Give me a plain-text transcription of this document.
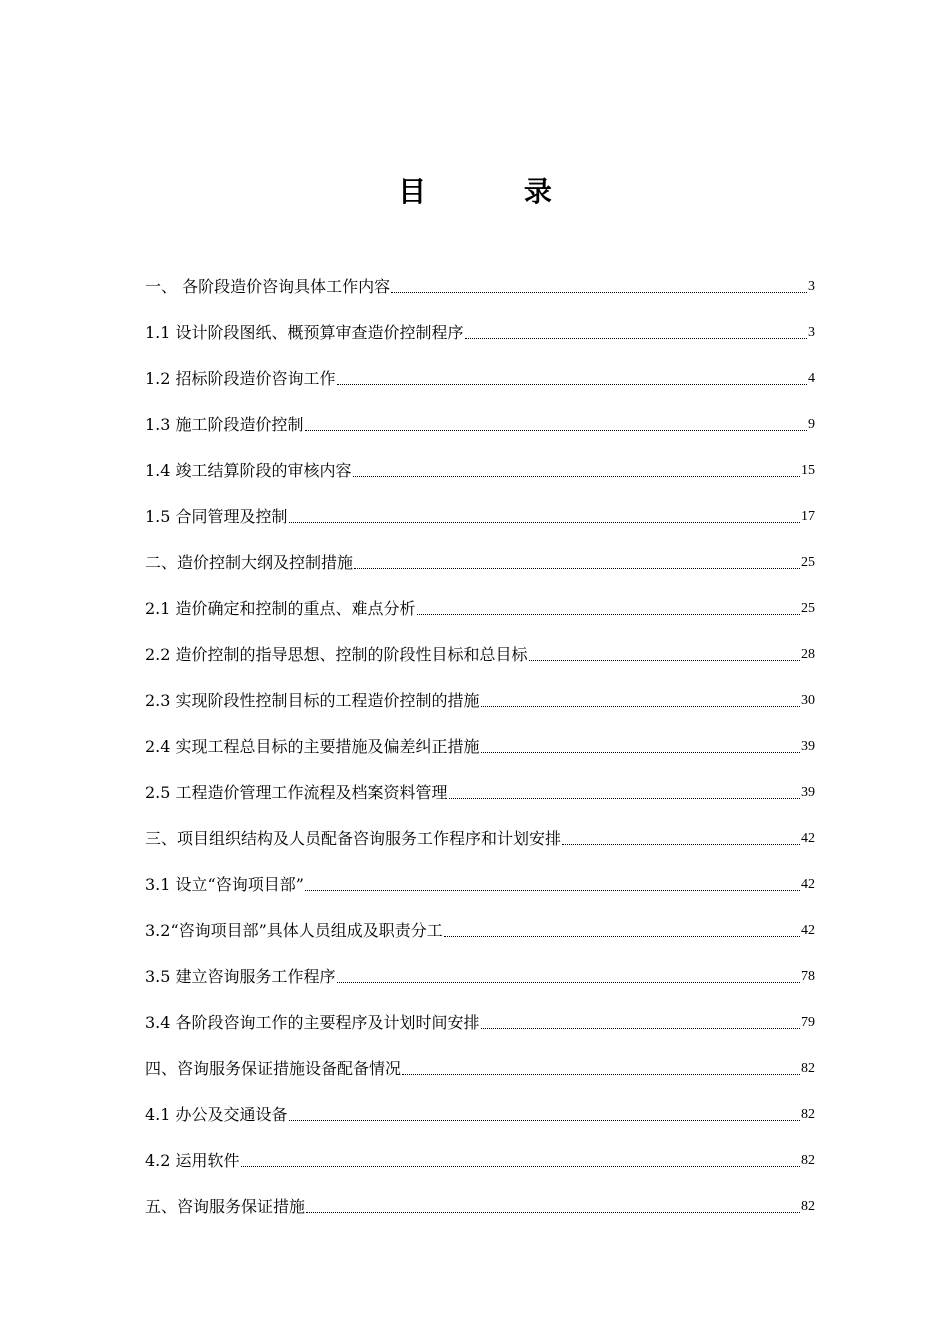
目 录
一、 各阶段造价咨询具体工作内容	3
1.1 设计阶段图纸、概预算审查造价控制程序	3
1.2 招标阶段造价咨询工作	4
1.3 施工阶段造价控制	9
1.4 竣工结算阶段的审核内容	15
1.5 合同管理及控制	17
二、造价控制大纲及控制措施	25
2.1 造价确定和控制的重点、难点分析	25
2.2 造价控制的指导思想、控制的阶段性目标和总目标	28
2.3 实现阶段性控制目标的工程造价控制的措施	30
2.4 实现工程总目标的主要措施及偏差纠正措施	39
2.5 工程造价管理工作流程及档案资料管理	39
三、项目组织结构及人员配备咨询服务工作程序和计划安排	42
3.1 设立“咨询项目部”	42
3.2“咨询项目部”具体人员组成及职责分工	42
3.5 建立咨询服务工作程序	78
3.4 各阶段咨询工作的主要程序及计划时间安排	79
四、咨询服务保证措施设备配备情况	82
4.1 办公及交通设备	82
4.2 运用软件	82
五、咨询服务保证措施	82
